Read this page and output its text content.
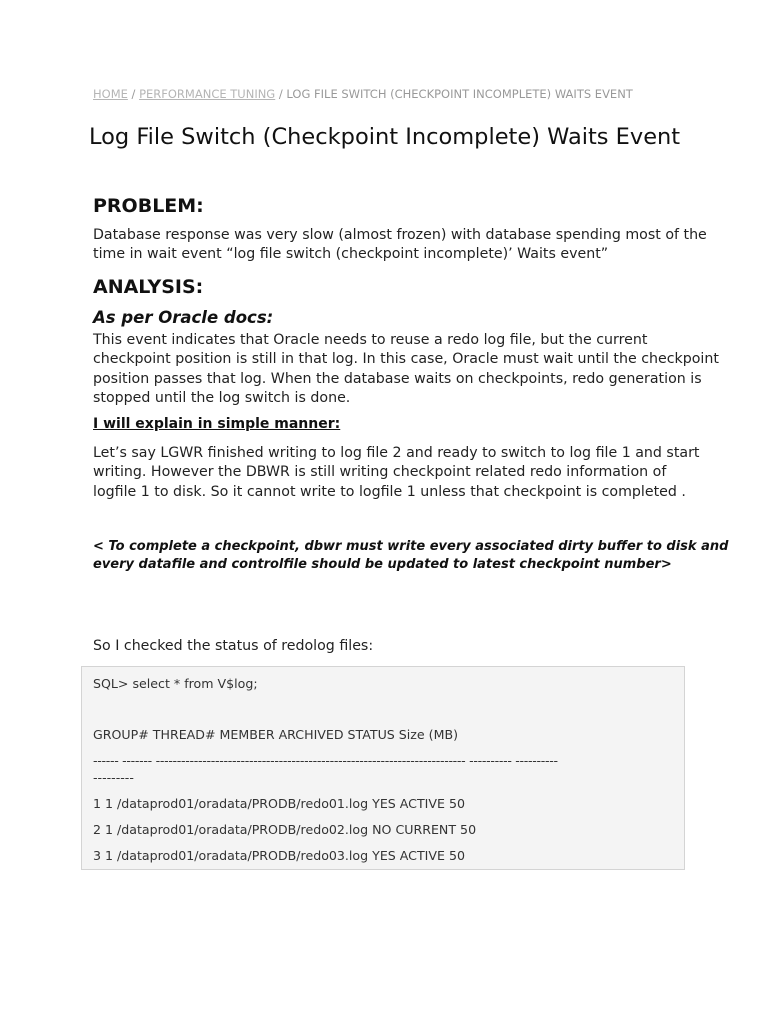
HOME / PERFORMANCE TUNING / LOG FILE SWITCH (CHECKPOINT INCOMPLETE) WAITS EVENT
Log File Switch (Checkpoint Incomplete) Waits Event
PROBLEM:

Database response was very slow (almost frozen) with database spending most of the
time in wait event “log file switch (checkpoint incomplete)’ Waits event”

ANALYSIS:
As per Oracle docs:

This event indicates that Oracle needs to reuse a redo log file, but the current
checkpoint position is still in that log. In this case, Oracle must wait until the checkpoint
position passes that log. When the database waits on checkpoints, redo generation is
stopped until the log switch is done.

I will explain in simple manner:

Let’s say LGWR finished writing to log file 2 and ready to switch to log file 1 and start
writing. However the DBWR is still writing checkpoint related redo information of
logfile 1 to disk. So it cannot write to logfile 1 unless that checkpoint is completed .

< To complete a checkpoint, dbwr must write every associated dirty buffer to disk and
every datafile and controlfile should be updated to latest checkpoint number>

So I checked the status of redolog files:

SQL> select * from V$log;
GROUP# THREAD# MEMBER ARCHIVED STATUS Size (MB)
------ ------- ------------------------------------------------------------------------- ---------- ----------
---------
1 1 /dataprod01/oradata/PRODB/redo01.log YES ACTIVE 50
2 1 /dataprod01/oradata/PRODB/redo02.log NO CURRENT 50
3 1 /dataprod01/oradata/PRODB/redo03.log YES ACTIVE 50
